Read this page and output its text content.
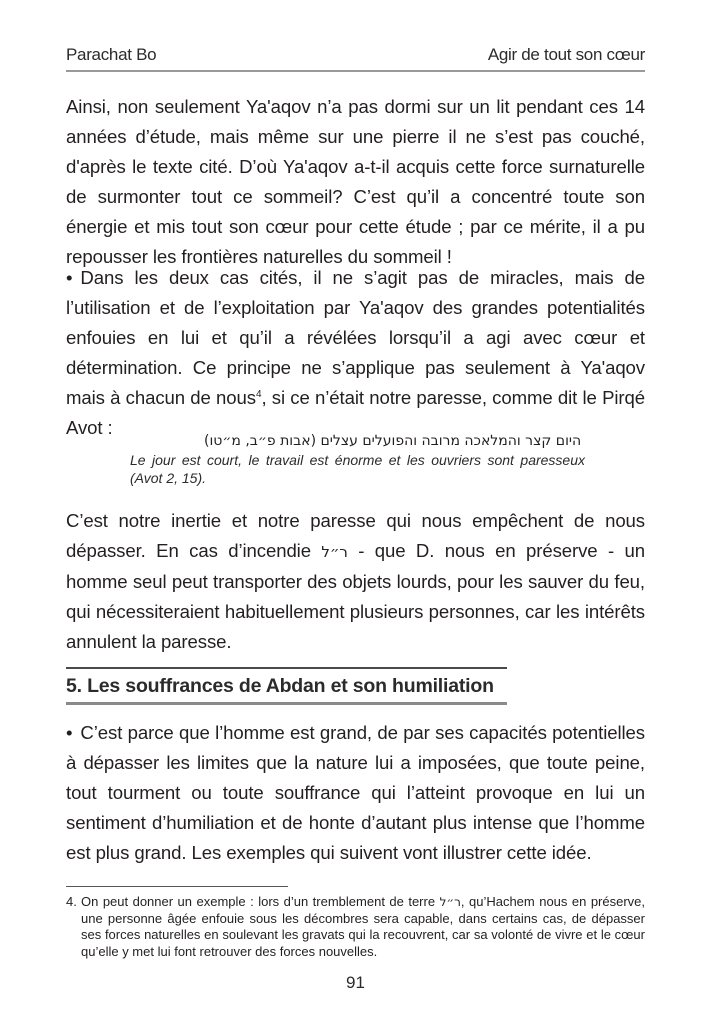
Parachat Bo	Agir de tout son cœur

Ainsi, non seulement Ya'aqov n’a pas dormi sur un lit pendant ces 14 années d’étude, mais même sur une pierre il ne s’est pas couché, d'après le texte cité. D’où Ya'aqov a-t-il acquis cette force surnaturelle de surmonter tout ce sommeil? C’est qu’il a concentré toute son énergie et mis tout son cœur pour cette étude ; par ce mérite, il a pu repousser les frontières naturelles du sommeil !

• Dans les deux cas cités, il ne s’agit pas de miracles, mais de l’utilisation et de l’exploitation par Ya'aqov des grandes potentialités enfouies en lui et qu’il a révélées lorsqu’il a agi avec cœur et détermination. Ce principe ne s’applique pas seulement à Ya'aqov mais à chacun de nous$^4$, si ce n’était notre paresse, comme dit le Pirqé Avot :

היום קצר והמלאכה מרובה והפועלים עצלים (אבות פ״ב, מ״טו)
Le jour est court, le travail est énorme et les ouvriers sont paresseux (Avot 2, 15).

C’est notre inertie et notre paresse qui nous empêchent de nous dépasser. En cas d’incendie ר״ל - que D. nous en préserve - un homme seul peut transporter des objets lourds, pour les sauver du feu, qui nécessiteraient habituellement plusieurs personnes, car les intérêts annulent la paresse.

5. Les souffrances de Abdan et son humiliation

• C’est parce que l’homme est grand, de par ses capacités potentielles à dépasser les limites que la nature lui a imposées, que toute peine, tout tourment ou toute souffrance qui l’atteint provoque en lui un sentiment d’humiliation et de honte d’autant plus intense que l’homme est plus grand. Les exemples qui suivent vont illustrer cette idée.

4. On peut donner un exemple : lors d’un tremblement de terre ר״ל, qu’Hachem nous en préserve, une personne âgée enfouie sous les décombres sera capable, dans certains cas, de dépasser ses forces naturelles en soulevant les gravats qui la recouvrent, car sa volonté de vivre et le cœur qu’elle y met lui font retrouver des forces nouvelles.

91
